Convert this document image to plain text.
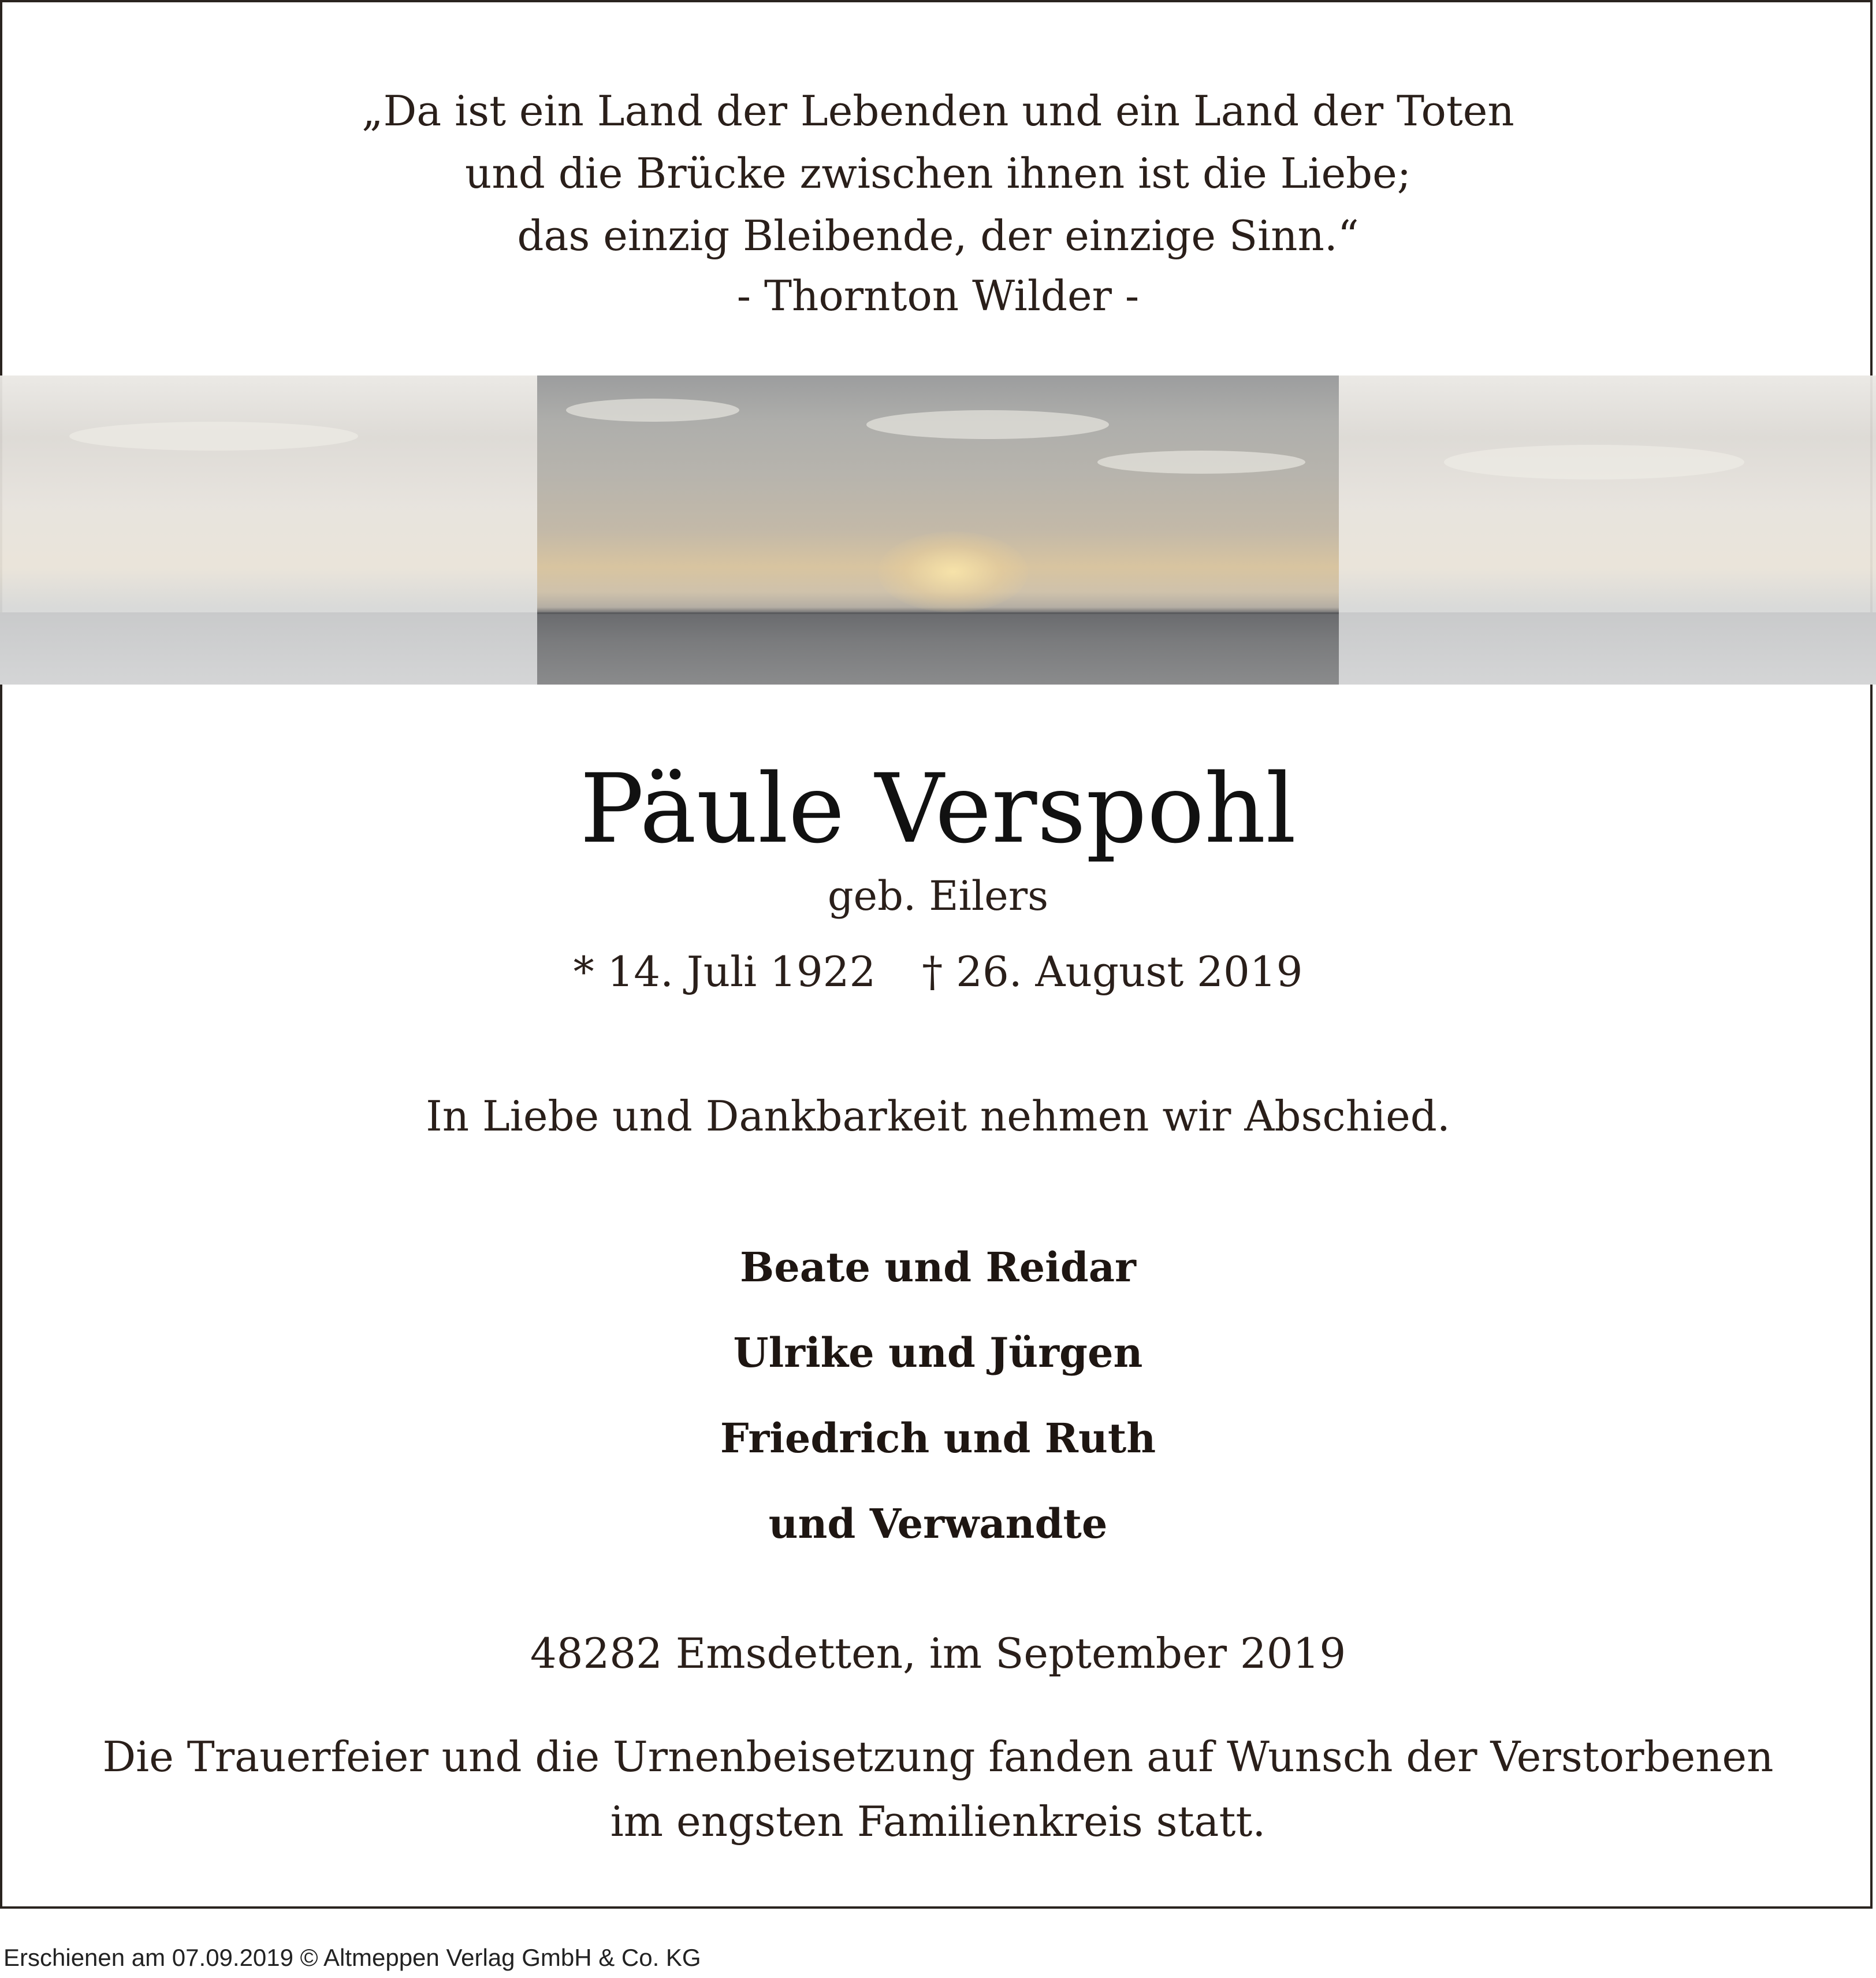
„Da ist ein Land der Lebenden und ein Land der Toten
und die Brücke zwischen ihnen ist die Liebe;
das einzig Bleibende, der einzige Sinn.“
- Thornton Wilder -
Päule Verspohl
geb. Eilers
* 14. Juli 1922 † 26. August 2019
In Liebe und Dankbarkeit nehmen wir Abschied.
Beate und Reidar
Ulrike und Jürgen
Friedrich und Ruth
und Verwandte
48282 Emsdetten, im September 2019
Die Trauerfeier und die Urnenbeisetzung fanden auf Wunsch der Verstorbenen
im engsten Familienkreis statt.
Erschienen am 07.09.2019 © Altmeppen Verlag GmbH & Co. KG
